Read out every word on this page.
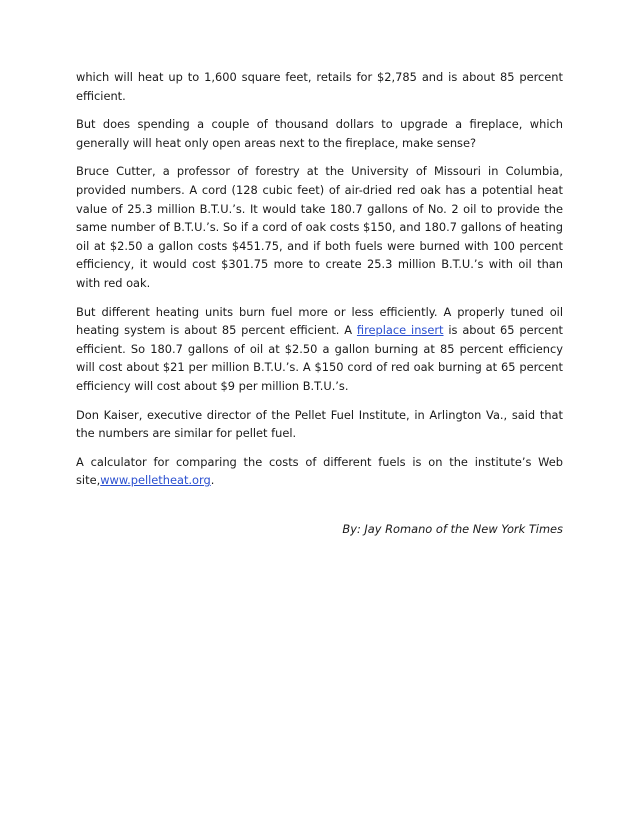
which will heat up to 1,600 square feet, retails for $2,785 and is about 85 percent efficient.

But does spending a couple of thousand dollars to upgrade a fireplace, which generally will heat only open areas next to the fireplace, make sense?

Bruce Cutter, a professor of forestry at the University of Missouri in Columbia, provided numbers. A cord (128 cubic feet) of air-dried red oak has a potential heat value of 25.3 million B.T.U.’s. It would take 180.7 gallons of No. 2 oil to provide the same number of B.T.U.’s. So if a cord of oak costs $150, and 180.7 gallons of heating oil at $2.50 a gallon costs $451.75, and if both fuels were burned with 100 percent efficiency, it would cost $301.75 more to create 25.3 million B.T.U.’s with oil than with red oak.

But different heating units burn fuel more or less efficiently. A properly tuned oil heating system is about 85 percent efficient. A fireplace insert is about 65 percent efficient. So 180.7 gallons of oil at $2.50 a gallon burning at 85 percent efficiency will cost about $21 per million B.T.U.’s. A $150 cord of red oak burning at 65 percent efficiency will cost about $9 per million B.T.U.’s.

Don Kaiser, executive director of the Pellet Fuel Institute, in Arlington Va., said that the numbers are similar for pellet fuel.

A calculator for comparing the costs of different fuels is on the institute’s Web site,www.pelletheat.org.

By: Jay Romano of the New York Times
